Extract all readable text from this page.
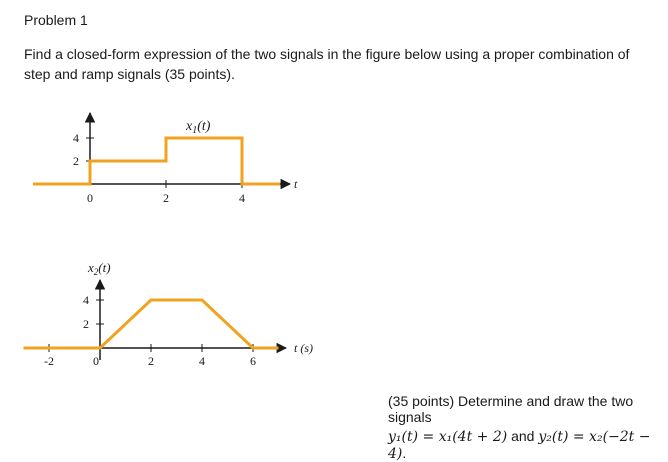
Problem 1
Find a closed-form expression of the two signals in the figure below using a proper combination of step and ramp signals (35 points).
0	2	4
2
4
$x_1(t)$
t
-2	0	2	4	6
2
4
$x_2(t)$
t (s)
(35 points) Determine and draw the two signals
y₁(t) = x₁(4t + 2) and y₂(t) = x₂(−2t − 4).
